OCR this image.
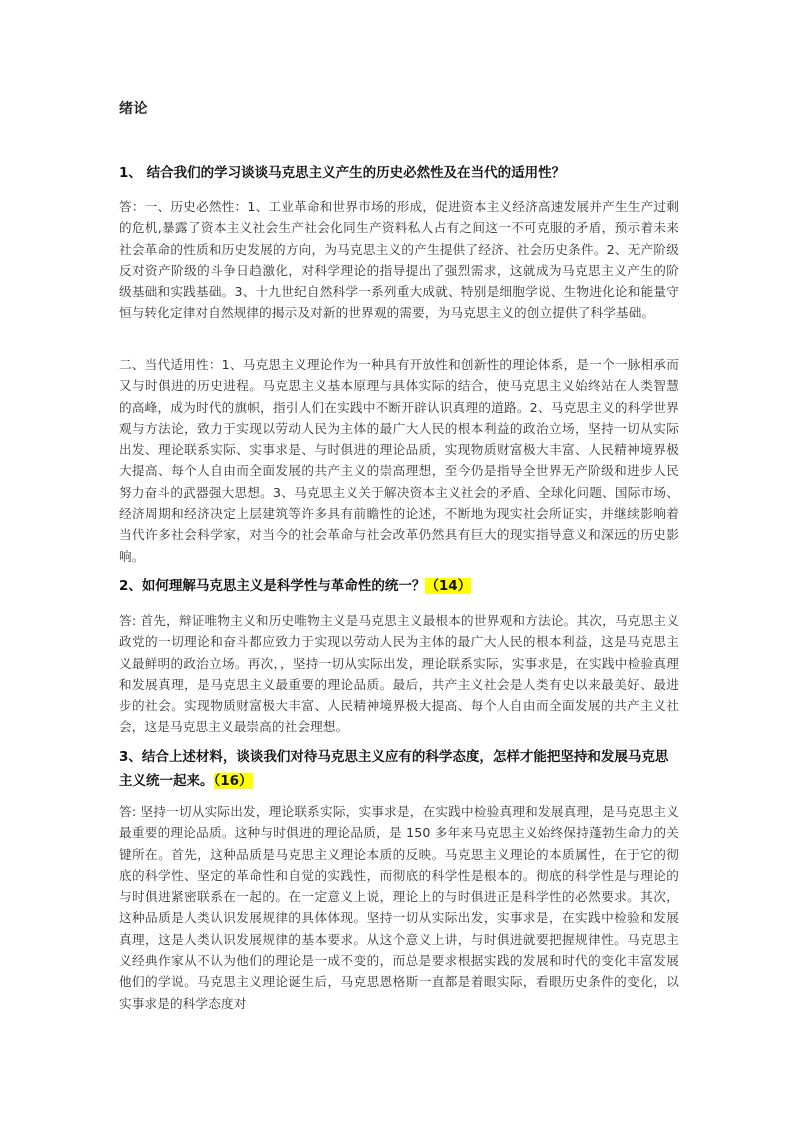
绪论
1、 结合我们的学习谈谈马克思主义产生的历史必然性及在当代的适用性？
答：一、历史必然性：1、工业革命和世界市场的形成，促进资本主义经济高速发展并产生生产过剩的危机,暴露了资本主义社会生产社会化同生产资料私人占有之间这一不可克服的矛盾，预示着未来社会革命的性质和历史发展的方向，为马克思主义的产生提供了经济、社会历史条件。2、无产阶级反对资产阶级的斗争日趋激化，对科学理论的指导提出了强烈需求，这就成为马克思主义产生的阶级基础和实践基础。3、十九世纪自然科学一系列重大成就、特别是细胞学说、生物进化论和能量守恒与转化定律对自然规律的揭示及对新的世界观的需要，为马克思主义的创立提供了科学基础。
二、当代适用性：1、马克思主义理论作为一种具有开放性和创新性的理论体系，是一个一脉相承而又与时俱进的历史进程。马克思主义基本原理与具体实际的结合，使马克思主义始终站在人类智慧的高峰，成为时代的旗帜，指引人们在实践中不断开辟认识真理的道路。2、马克思主义的科学世界观与方法论，致力于实现以劳动人民为主体的最广大人民的根本利益的政治立场，坚持一切从实际出发、理论联系实际、实事求是、与时俱进的理论品质，实现物质财富极大丰富、人民精神境界极大提高、每个人自由而全面发展的共产主义的崇高理想，至今仍是指导全世界无产阶级和进步人民努力奋斗的武器强大思想。3、马克思主义关于解决资本主义社会的矛盾、全球化问题、国际市场、经济周期和经济决定上层建筑等许多具有前瞻性的论述，不断地为现实社会所证实，并继续影响着当代许多社会科学家，对当今的社会革命与社会改革仍然具有巨大的现实指导意义和深远的历史影响。
2、如何理解马克思主义是科学性与革命性的统一？（14）
答: 首先，辩证唯物主义和历史唯物主义是马克思主义最根本的世界观和方法论。其次，马克思主义政党的一切理论和奋斗都应致力于实现以劳动人民为主体的最广大人民的根本利益，这是马克思主义最鲜明的政治立场。再次，，坚持一切从实际出发，理论联系实际，实事求是，在实践中检验真理和发展真理，是马克思主义最重要的理论品质。最后，共产主义社会是人类有史以来最美好、最进步的社会。实现物质财富极大丰富、人民精神境界极大提高、每个人自由而全面发展的共产主义社会，这是马克思主义最崇高的社会理想。
3、结合上述材料，谈谈我们对待马克思主义应有的科学态度，怎样才能把坚持和发展马克思主义统一起来。（16）
答: 坚持一切从实际出发，理论联系实际，实事求是，在实践中检验真理和发展真理，是马克思主义最重要的理论品质。这种与时俱进的理论品质，是 150 多年来马克思主义始终保持蓬勃生命力的关键所在。首先，这种品质是马克思主义理论本质的反映。马克思主义理论的本质属性，在于它的彻底的科学性、坚定的革命性和自觉的实践性，而彻底的科学性是根本的。彻底的科学性是与理论的与时俱进紧密联系在一起的。在一定意义上说，理论上的与时俱进正是科学性的必然要求。其次，这种品质是人类认识发展规律的具体体现。坚持一切从实际出发，实事求是，在实践中检验和发展真理，这是人类认识发展规律的基本要求。从这个意义上讲，与时俱进就要把握规律性。马克思主义经典作家从不认为他们的理论是一成不变的，而总是要求根据实践的发展和时代的变化丰富发展他们的学说。马克思主义理论诞生后，马克思恩格斯一直都是着眼实际，看眼历史条件的变化，以实事求是的科学态度对
